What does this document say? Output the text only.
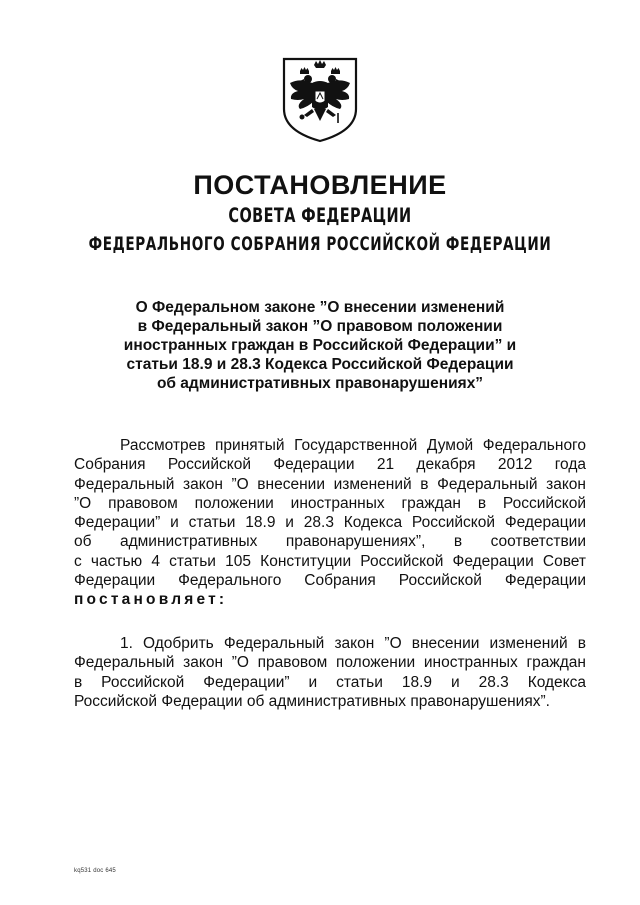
ПОСТАНОВЛЕНИЕ
СОВЕТА ФЕДЕРАЦИИ
ФЕДЕРАЛЬНОГО СОБРАНИЯ РОССИЙСКОЙ ФЕДЕРАЦИИ
О Федеральном законе ”О внесении изменений
в Федеральный закон ”О правовом положении
иностранных граждан в Российской Федерации” и
статьи 18.9 и 28.3 Кодекса Российской Федерации
об административных правонарушениях”
Рассмотрев принятый Государственной Думой Федерального
Собрания Российской Федерации 21 декабря 2012 года
Федеральный закон ”О внесении изменений в Федеральный закон
”О правовом положении иностранных граждан в Российской
Федерации” и статьи 18.9 и 28.3 Кодекса Российской Федерации
об административных правонарушениях”, в соответствии
с частью 4 статьи 105 Конституции Российской Федерации Совет
Федерации Федерального Собрания Российской Федерации
постановляет:
1. Одобрить Федеральный закон ”О внесении изменений в
Федеральный закон ”О правовом положении иностранных граждан
в Российской Федерации” и статьи 18.9 и 28.3 Кодекса
Российской Федерации об административных правонарушениях”.
kq531 doc 645
